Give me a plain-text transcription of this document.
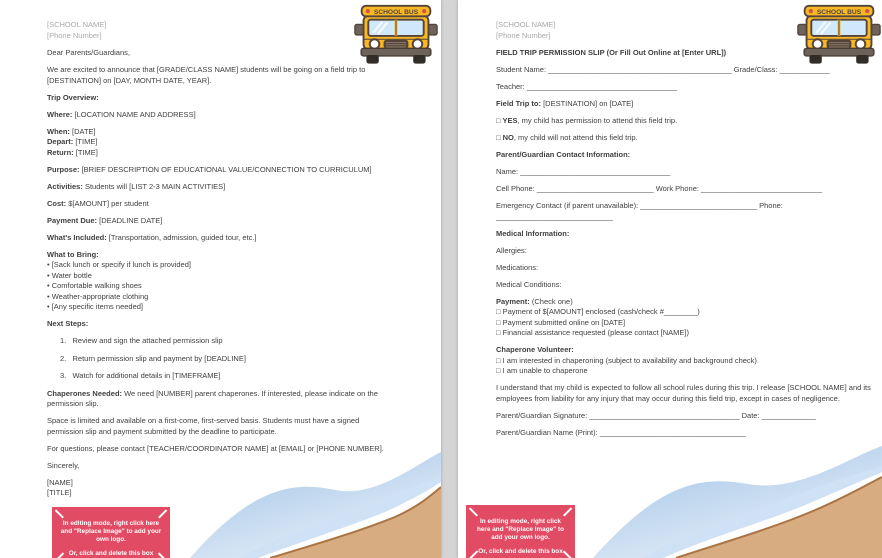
SCHOOL BUS

[SCHOOL NAME]
[Phone Number]

Dear Parents/Guardians,

We are excited to announce that [GRADE/CLASS NAME] students will be going on a field trip to [DESTINATION] on [DAY, MONTH DATE, YEAR].

Trip Overview:

Where: [LOCATION NAME AND ADDRESS]

When: [DATE]
Depart: [TIME]
Return: [TIME]

Purpose: [BRIEF DESCRIPTION OF EDUCATIONAL VALUE/CONNECTION TO CURRICULUM]

Activities: Students will [LIST 2-3 MAIN ACTIVITIES]

Cost: $[AMOUNT] per student

Payment Due: [DEADLINE DATE]

What's Included: [Transportation, admission, guided tour, etc.]

What to Bring:
• [Sack lunch or specify if lunch is provided]
• Water bottle
• Comfortable walking shoes
• Weather-appropriate clothing
• [Any specific items needed]

Next Steps:

1.   Review and sign the attached permission slip

2.   Return permission slip and payment by [DEADLINE]

3.   Watch for additional details in [TIMEFRAME]

Chaperones Needed: We need [NUMBER] parent chaperones. If interested, please indicate on the permission slip.

Space is limited and available on a first-come, first-served basis. Students must have a signed permission slip and payment submitted by the deadline to participate.

For questions, please contact [TEACHER/COORDINATOR NAME] at [EMAIL] or [PHONE NUMBER].

Sincerely,

[NAME]
[TITLE]

In editing mode, right click here and "Replace Image" to add your own logo.
Or, click and delete this box
SCHOOL BUS

[SCHOOL NAME]
[Phone Number]

FIELD TRIP PERMISSION SLIP (Or Fill Out Online at [Enter URL])

Student Name: ____________________________________________ Grade/Class: ____________

Teacher: ____________________________________

Field Trip to: [DESTINATION] on [DATE]

□ YES, my child has permission to attend this field trip.

□ NO, my child will not attend this field trip.

Parent/Guardian Contact Information:

Name: ____________________________________

Cell Phone: ____________________________ Work Phone: _____________________________

Emergency Contact (if parent unavailable): ____________________________ Phone:
____________________________

Medical Information:

Allergies:

Medications:

Medical Conditions:

Payment: (Check one)
□ Payment of $[AMOUNT] enclosed (cash/check #________)
□ Payment submitted online on [DATE]
□ Financial assistance requested (please contact [NAME])

Chaperone Volunteer:
□ I am interested in chaperoning (subject to availability and background check)
□ I am unable to chaperone

I understand that my child is expected to follow all school rules during this trip. I release [SCHOOL NAME] and its employees from liability for any injury that may occur during this field trip, except in cases of negligence.

Parent/Guardian Signature: ____________________________________ Date: _____________

Parent/Guardian Name (Print): ___________________________________

In editing mode, right click here and "Replace Image" to add your own logo.
Or, click and delete this box
